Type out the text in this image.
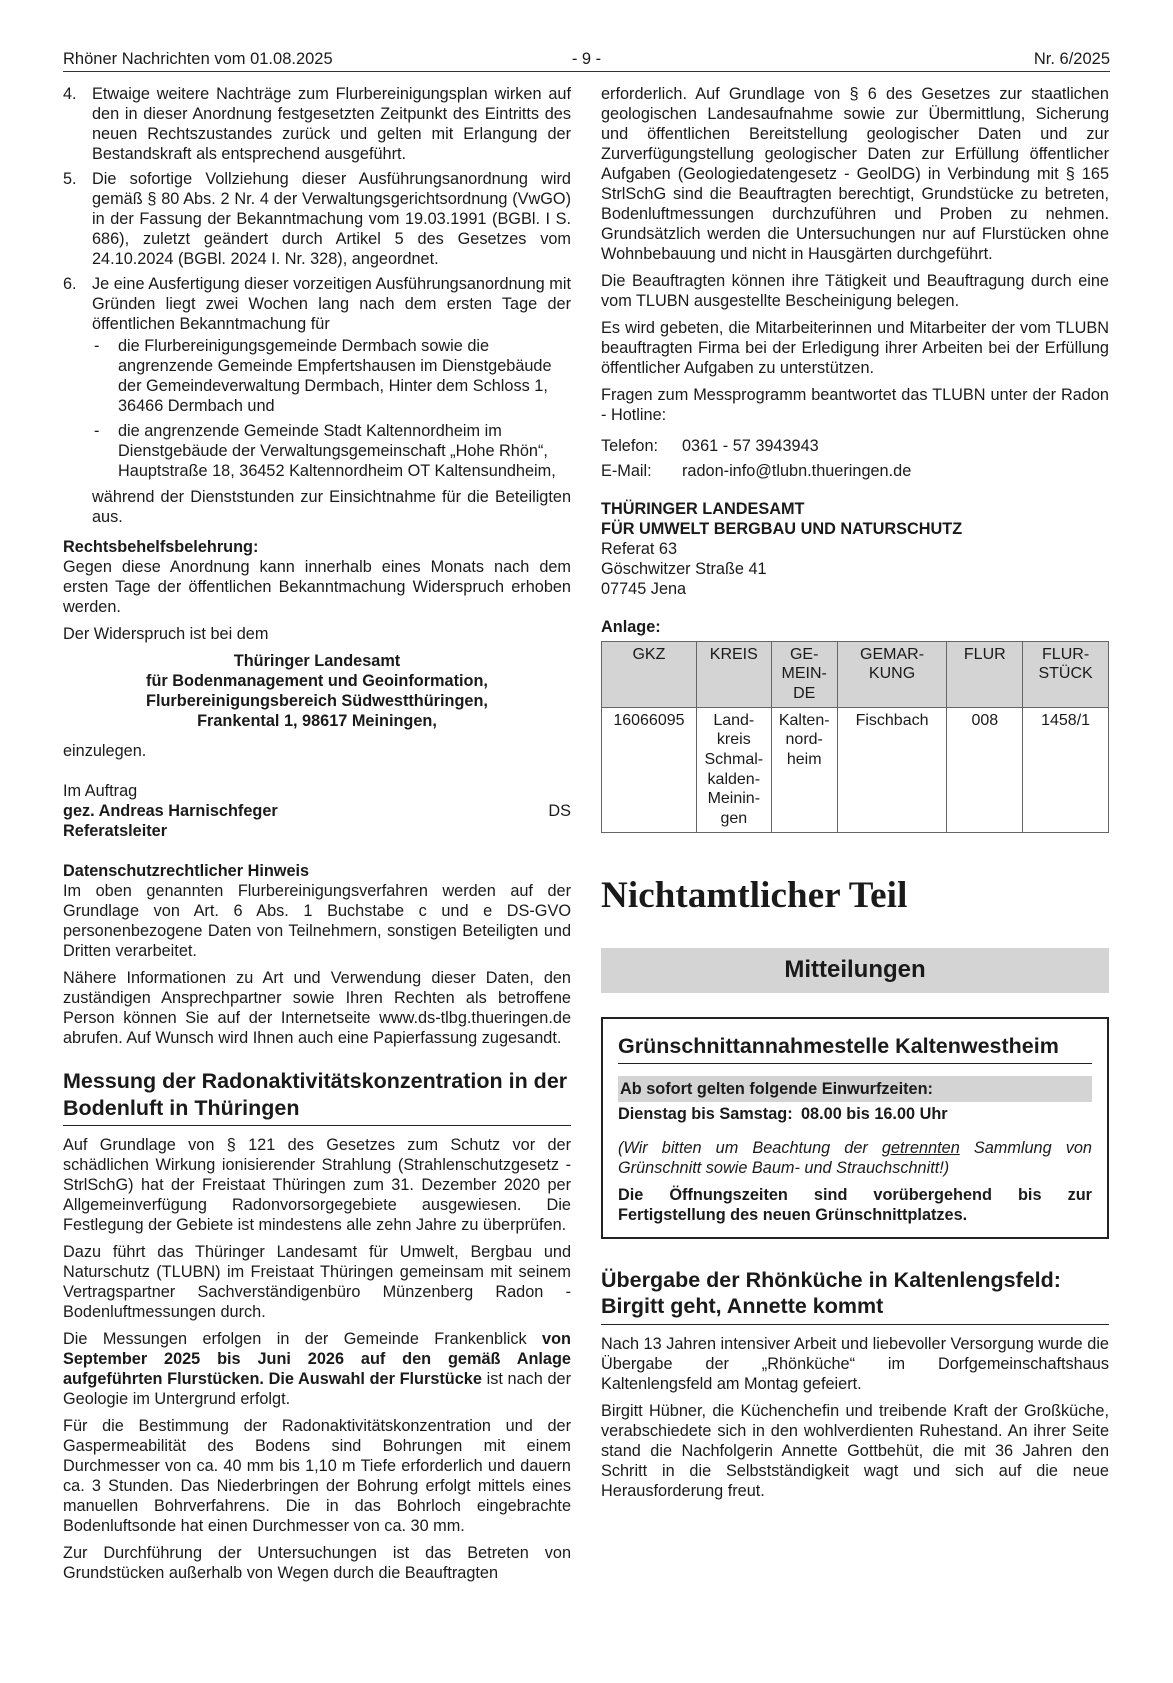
Rhöner Nachrichten vom 01.08.2025	- 9 -	Nr. 6/2025
4. Etwaige weitere Nachträge zum Flurbereinigungsplan wirken auf den in dieser Anordnung festgesetzten Zeitpunkt des Eintritts des neuen Rechtszustandes zurück und gelten mit Erlangung der Bestandskraft als entsprechend ausgeführt.
5. Die sofortige Vollziehung dieser Ausführungsanordnung wird gemäß § 80 Abs. 2 Nr. 4 der Verwaltungsgerichtsordnung (VwGO) in der Fassung der Bekanntmachung vom 19.03.1991 (BGBl. I S. 686), zuletzt geändert durch Artikel 5 des Gesetzes vom 24.10.2024 (BGBl. 2024 I. Nr. 328), angeordnet.
6. Je eine Ausfertigung dieser vorzeitigen Ausführungsanordnung mit Gründen liegt zwei Wochen lang nach dem ersten Tage der öffentlichen Bekanntmachung für
- die Flurbereinigungsgemeinde Dermbach sowie die angrenzende Gemeinde Empfertshausen im Dienstgebäude der Gemeindeverwaltung Dermbach, Hinter dem Schloss 1, 36466 Dermbach und
- die angrenzende Gemeinde Stadt Kaltennordheim im Dienstgebäude der Verwaltungsgemeinschaft „Hohe Rhön“, Hauptstraße 18, 36452 Kaltennordheim OT Kaltensundheim,
während der Dienststunden zur Einsichtnahme für die Beteiligten aus.
Rechtsbehelfsbelehrung:

Gegen diese Anordnung kann innerhalb eines Monats nach dem ersten Tage der öffentlichen Bekanntmachung Widerspruch erhoben werden.

Der Widerspruch ist bei dem

Thüringer Landesamt
für Bodenmanagement und Geoinformation,
Flurbereinigungsbereich Südwestthüringen,
Frankental 1, 98617 Meiningen,

einzulegen.

Im Auftrag
gez. Andreas Harnischfeger	DS
Referatsleiter
Datenschutzrechtlicher Hinweis

Im oben genannten Flurbereinigungsverfahren werden auf der Grundlage von Art. 6 Abs. 1 Buchstabe c und e DS-GVO personenbezogene Daten von Teilnehmern, sonstigen Beteiligten und Dritten verarbeitet.

Nähere Informationen zu Art und Verwendung dieser Daten, den zuständigen Ansprechpartner sowie Ihren Rechten als betroffene Person können Sie auf der Internetseite www.ds-tlbg.thueringen.de abrufen. Auf Wunsch wird Ihnen auch eine Papierfassung zugesandt.

Messung der Radonaktivitätskonzentration in der Bodenluft in Thüringen

Auf Grundlage von § 121 des Gesetzes zum Schutz vor der schädlichen Wirkung ionisierender Strahlung (Strahlenschutzgesetz - StrlSchG) hat der Freistaat Thüringen zum 31. Dezember 2020 per Allgemeinverfügung Radonvorsorgegebiete ausgewiesen. Die Festlegung der Gebiete ist mindestens alle zehn Jahre zu überprüfen.

Dazu führt das Thüringer Landesamt für Umwelt, Bergbau und Naturschutz (TLUBN) im Freistaat Thüringen gemeinsam mit seinem Vertragspartner Sachverständigenbüro Münzenberg Radon - Bodenluftmessungen durch.

Die Messungen erfolgen in der Gemeinde Frankenblick von September 2025 bis Juni 2026 auf den gemäß Anlage aufgeführten Flurstücken. Die Auswahl der Flurstücke ist nach der Geologie im Untergrund erfolgt.

Für die Bestimmung der Radonaktivitätskonzentration und der Gaspermeabilität des Bodens sind Bohrungen mit einem Durchmesser von ca. 40 mm bis 1,10 m Tiefe erforderlich und dauern ca. 3 Stunden. Das Niederbringen der Bohrung erfolgt mittels eines manuellen Bohrverfahrens. Die in das Bohrloch eingebrachte Bodenluftsonde hat einen Durchmesser von ca. 30 mm.

Zur Durchführung der Untersuchungen ist das Betreten von Grundstücken außerhalb von Wegen durch die Beauftragten

erforderlich. Auf Grundlage von § 6 des Gesetzes zur staatlichen geologischen Landesaufnahme sowie zur Übermittlung, Sicherung und öffentlichen Bereitstellung geologischer Daten und zur Zurverfügungstellung geologischer Daten zur Erfüllung öffentlicher Aufgaben (Geologiedatengesetz - GeolDG) in Verbindung mit § 165 StrlSchG sind die Beauftragten berechtigt, Grundstücke zu betreten, Bodenluftmessungen durchzuführen und Proben zu nehmen. Grundsätzlich werden die Untersuchungen nur auf Flurstücken ohne Wohnbebauung und nicht in Hausgärten durchgeführt.

Die Beauftragten können ihre Tätigkeit und Beauftragung durch eine vom TLUBN ausgestellte Bescheinigung belegen.

Es wird gebeten, die Mitarbeiterinnen und Mitarbeiter der vom TLUBN beauftragten Firma bei der Erledigung ihrer Arbeiten bei der Erfüllung öffentlicher Aufgaben zu unterstützen.

Fragen zum Messprogramm beantwortet das TLUBN unter der Radon - Hotline:

Telefon:	0361 - 57 3943943
E-Mail:	radon-info@tlubn.thueringen.de
THÜRINGER LANDESAMT
FÜR UMWELT BERGBAU UND NATURSCHUTZ
Referat 63
Göschwitzer Straße 41
07745 Jena
Anlage:
GKZ	KREIS	GE-MEIN-DE	GEMAR-KUNG	FLUR	FLUR-STÜCK
16066095	Land-kreis Schmal-kalden-Meinin-gen	Kalten-nord-heim	Fischbach	008	1458/1
Nichtamtlicher Teil
Mitteilungen
Grünschnittannahmestelle Kaltenwestheim
Ab sofort gelten folgende Einwurfzeiten:
Dienstag bis Samstag: 08.00 bis 16.00 Uhr

(Wir bitten um Beachtung der getrennten Sammlung von Grünschnitt sowie Baum- und Strauchschnitt!)

Die Öffnungszeiten sind vorübergehend bis zur Fertigstellung des neuen Grünschnittplatzes.

Übergabe der Rhönküche in Kaltenlengsfeld: Birgitt geht, Annette kommt

Nach 13 Jahren intensiver Arbeit und liebevoller Versorgung wurde die Übergabe der „Rhönküche“ im Dorfgemeinschaftshaus Kaltenlengsfeld am Montag gefeiert.

Birgitt Hübner, die Küchenchefin und treibende Kraft der Großküche, verabschiedete sich in den wohlverdienten Ruhestand. An ihrer Seite stand die Nachfolgerin Annette Gottbehüt, die mit 36 Jahren den Schritt in die Selbstständigkeit wagt und sich auf die neue Herausforderung freut.
